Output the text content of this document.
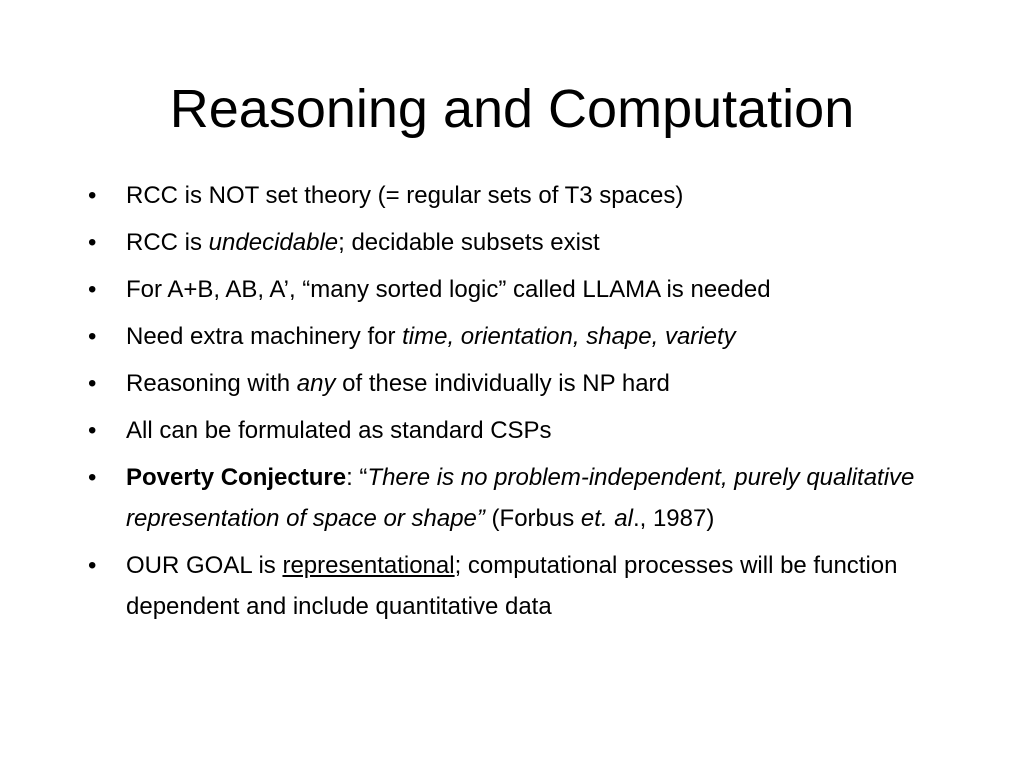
Reasoning and Computation
• RCC is NOT set theory (= regular sets of T3 spaces)
• RCC is undecidable; decidable subsets exist
• For A+B, AB, A’, “many sorted logic” called LLAMA is needed
• Need extra machinery for time, orientation, shape, variety
• Reasoning with any of these individually is NP hard
• All can be formulated as standard CSPs
• Poverty Conjecture: “There is no problem-independent, purely qualitative representation of space or shape” (Forbus et. al., 1987)
• OUR GOAL is representational; computational processes will be function dependent and include quantitative data
